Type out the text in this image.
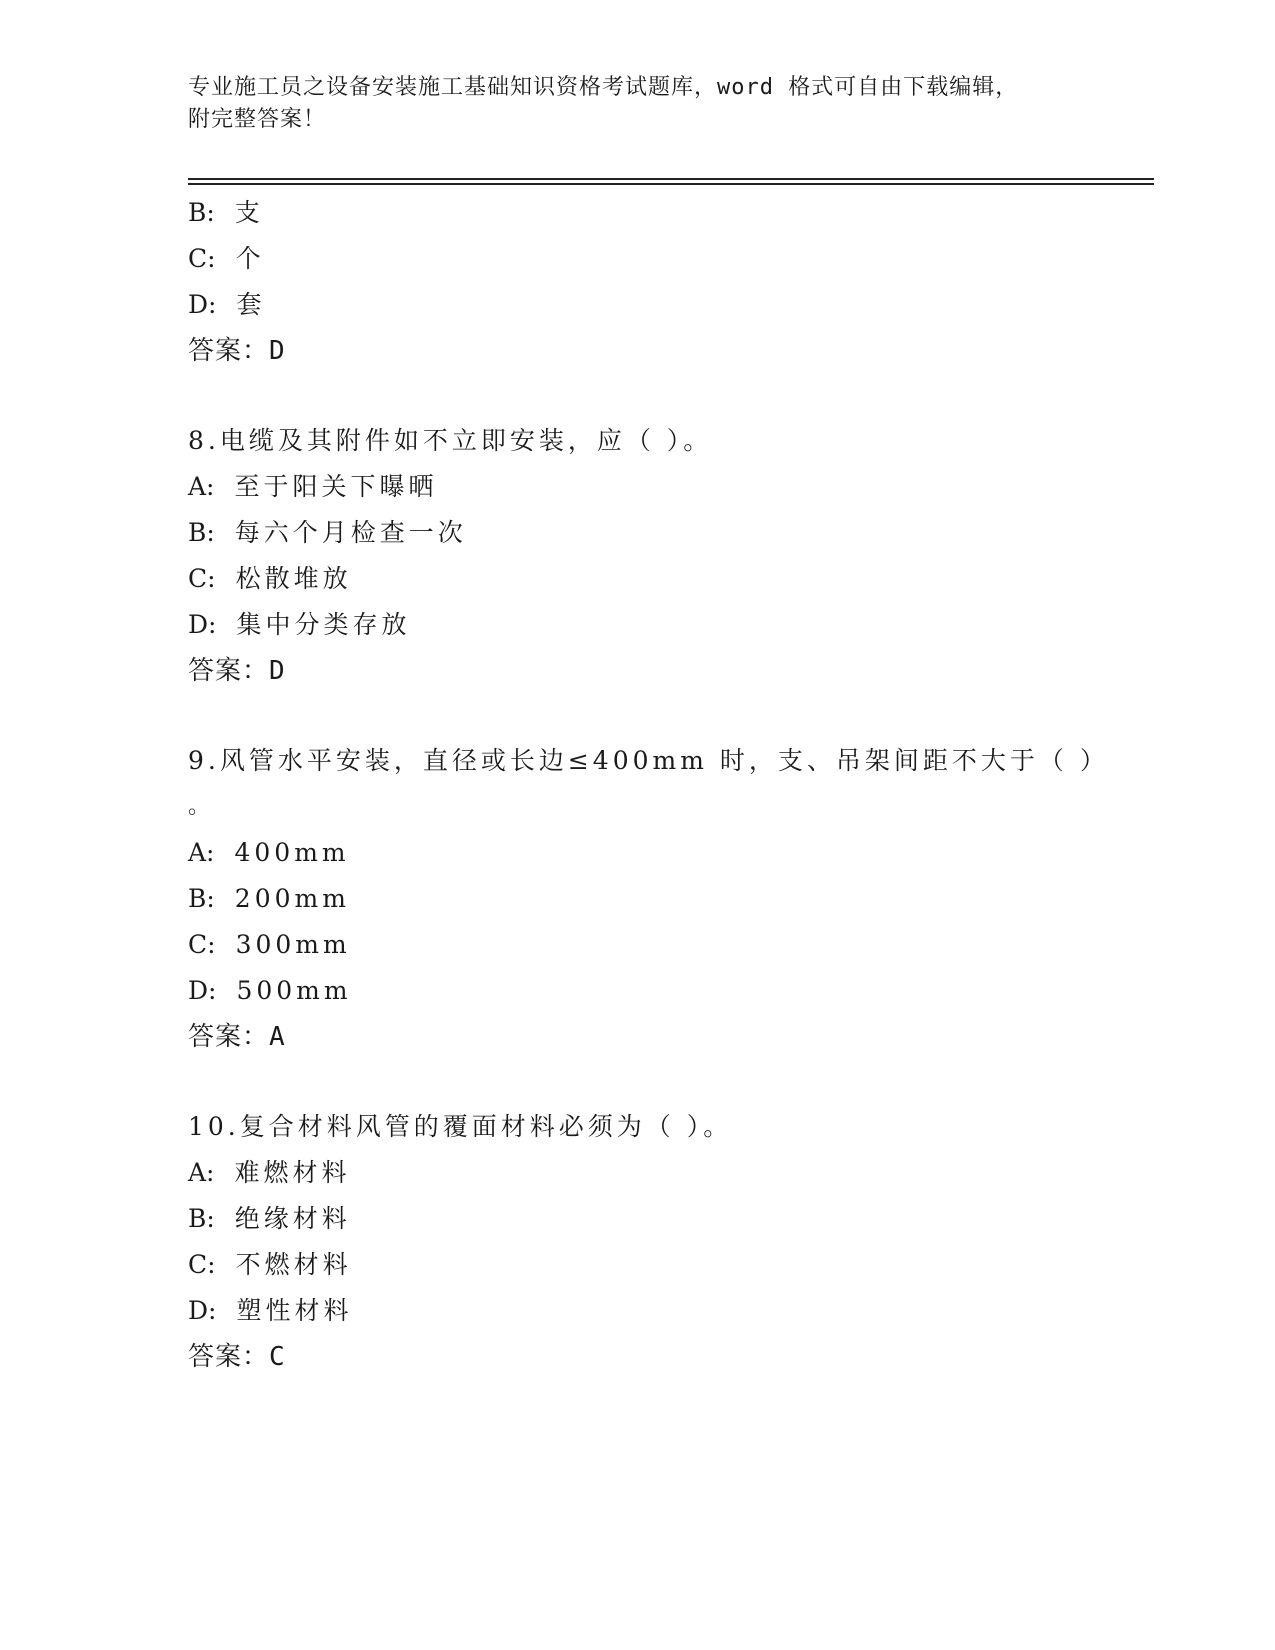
专业施工员之设备安装施工基础知识资格考试题库，word 格式可自由下载编辑，
附完整答案！
B: 支
C: 个
D: 套
答案：D
8.电缆及其附件如不立即安装，应（ ）。
A: 至于阳关下曝晒
B: 每六个月检查一次
C: 松散堆放
D: 集中分类存放
答案：D
9.风管水平安装，直径或长边≤400mm 时，支、吊架间距不大于（ ）
。
A: 400mm
B: 200mm
C: 300mm
D: 500mm
答案：A
10.复合材料风管的覆面材料必须为（ ）。
A: 难燃材料
B: 绝缘材料
C: 不燃材料
D: 塑性材料
答案：C
